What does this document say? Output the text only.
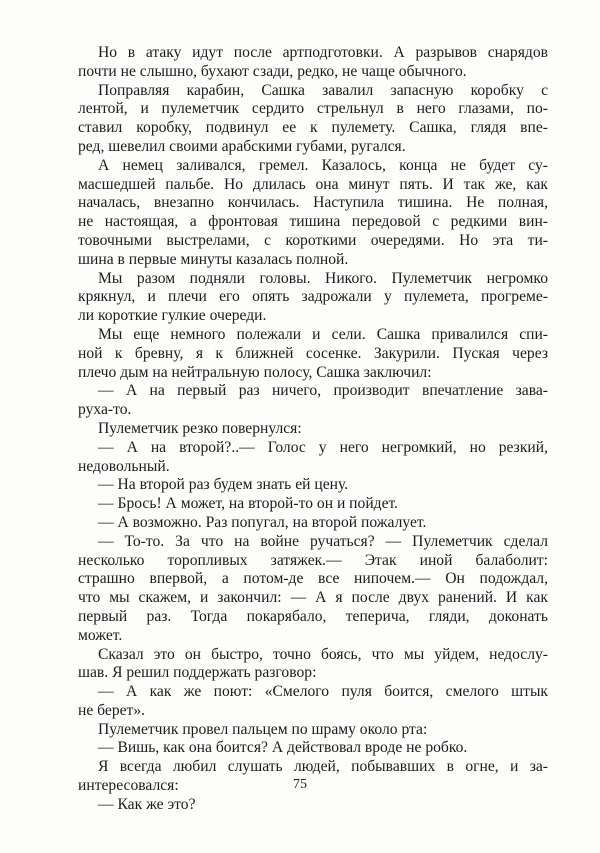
Но в атаку идут после артподготовки. А разрывов снарядов
почти не слышно, бухают сзади, редко, не чаще обычного.
Поправляя карабин, Сашка завалил запасную коробку с
лентой, и пулеметчик сердито стрельнул в него глазами, по-
ставил коробку, подвинул ее к пулемету. Сашка, глядя впе-
ред, шевелил своими арабскими губами, ругался.
А немец заливался, гремел. Казалось, конца не будет су-
масшедшей пальбе. Но длилась она минут пять. И так же, как
началась, внезапно кончилась. Наступила тишина. Не полная,
не настоящая, а фронтовая тишина передовой с редкими вин-
товочными выстрелами, с короткими очередями. Но эта ти-
шина в первые минуты казалась полной.
Мы разом подняли головы. Никого. Пулеметчик негромко
крякнул, и плечи его опять задрожали у пулемета, прогреме-
ли короткие гулкие очереди.
Мы еще немного полежали и сели. Сашка привалился спи-
ной к бревну, я к ближней сосенке. Закурили. Пуская через
плечо дым на нейтральную полосу, Сашка заключил:
— А на первый раз ничего, производит впечатление зава-
руха-то.
Пулеметчик резко повернулся:
— А на второй?..— Голос у него негромкий, но резкий,
недовольный.
— На второй раз будем знать ей цену.
— Брось! А может, на второй-то он и пойдет.
— А возможно. Раз попугал, на второй пожалует.
— То-то. За что на войне ручаться? — Пулеметчик сделал
несколько торопливых затяжек.— Этак иной балаболит:
страшно впервой, а потом-де все нипочем.— Он подождал,
что мы скажем, и закончил: — А я после двух ранений. И как
первый раз. Тогда покарябало, теперича, гляди, доконать
может.
Сказал это он быстро, точно боясь, что мы уйдем, недослу-
шав. Я решил поддержать разговор:
— А как же поют: «Смелого пуля боится, смелого штык
не берет».
Пулеметчик провел пальцем по шраму около рта:
— Вишь, как она боится? А действовал вроде не робко.
Я всегда любил слушать людей, побывавших в огне, и за-
интересовался:
— Как же это?
75
